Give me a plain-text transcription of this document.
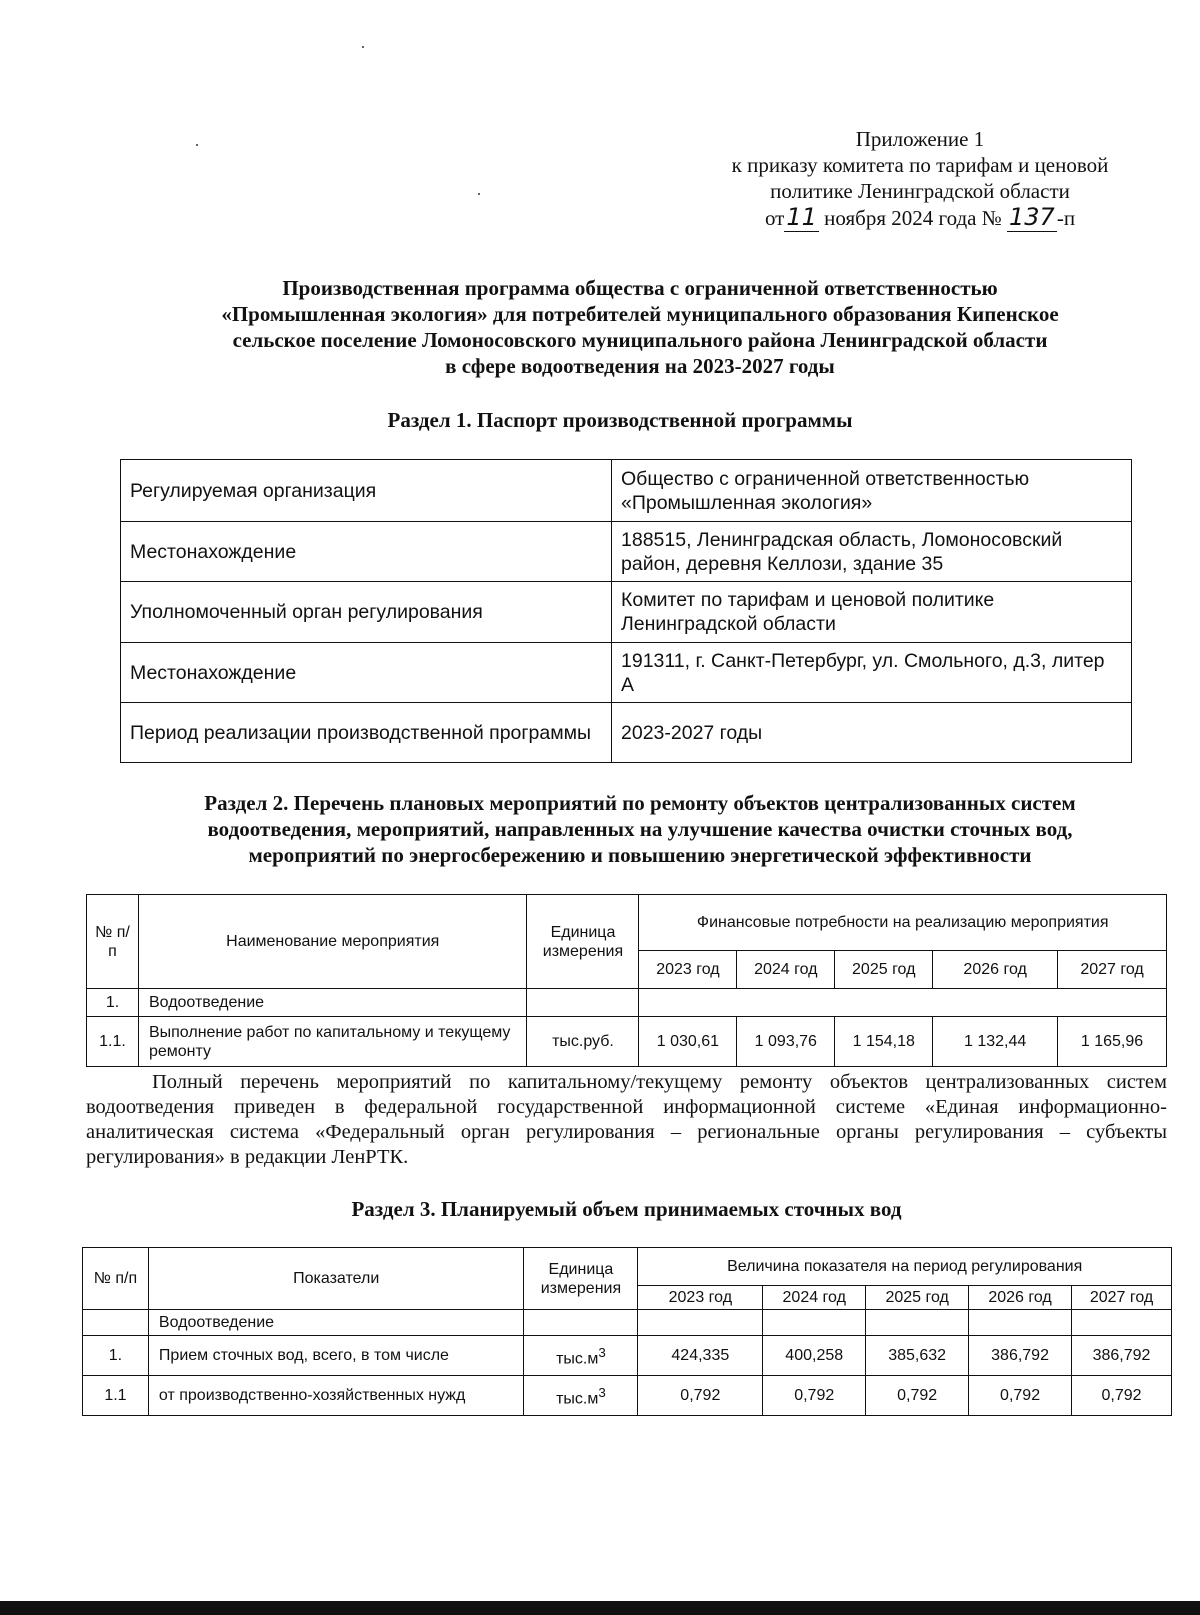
Приложение 1
к приказу комитета по тарифам и ценовой
политике Ленинградской области
от11 ноября 2024 года № 137-п
Производственная программа общества с ограниченной ответственностью
«Промышленная экология» для потребителей муниципального образования Кипенское
сельское поселение Ломоносовского муниципального района Ленинградской области
в сфере водоотведения на 2023-2027 годы
Раздел 1. Паспорт производственной программы
Регулируемая организация	Общество с ограниченной ответственностью «Промышленная экология»
Местонахождение	188515, Ленинградская область, Ломоносовский район, деревня Келлози, здание 35
Уполномоченный орган регулирования	Комитет по тарифам и ценовой политике Ленинградской области
Местонахождение	191311, г. Санкт-Петербург, ул. Смольного, д.3, литер А
Период реализации производственной программы	2023-2027 годы
Раздел 2. Перечень плановых мероприятий по ремонту объектов централизованных систем
водоотведения, мероприятий, направленных на улучшение качества очистки сточных вод,
мероприятий по энергосбережению и повышению энергетической эффективности
№ п/п	Наименование мероприятия	Единица измерения	Финансовые потребности на реализацию мероприятия				
			2023 год	2024 год	2025 год	2026 год	2027 год
1.	Водоотведение						
1.1.	Выполнение работ по капитальному и текущему ремонту	тыс.руб.	1 030,61	1 093,76	1 154,18	1 132,44	1 165,96
Полный перечень мероприятий по капитальному/текущему ремонту объектов централизованных систем водоотведения приведен в федеральной государственной информационной системе «Единая информационно-аналитическая система «Федеральный орган регулирования – региональные органы регулирования – субъекты регулирования» в редакции ЛенРТК.
Раздел 3. Планируемый объем принимаемых сточных вод
№ п/п	Показатели	Единица измерения	Величина показателя на период регулирования				
			2023 год	2024 год	2025 год	2026 год	2027 год
	Водоотведение						
1.	Прием сточных вод, всего, в том числе	$тыс.м^3$	424,335	400,258	385,632	386,792	386,792
1.1	от производственно-хозяйственных нужд	$тыс.м^3$	0,792	0,792	0,792	0,792	0,792
